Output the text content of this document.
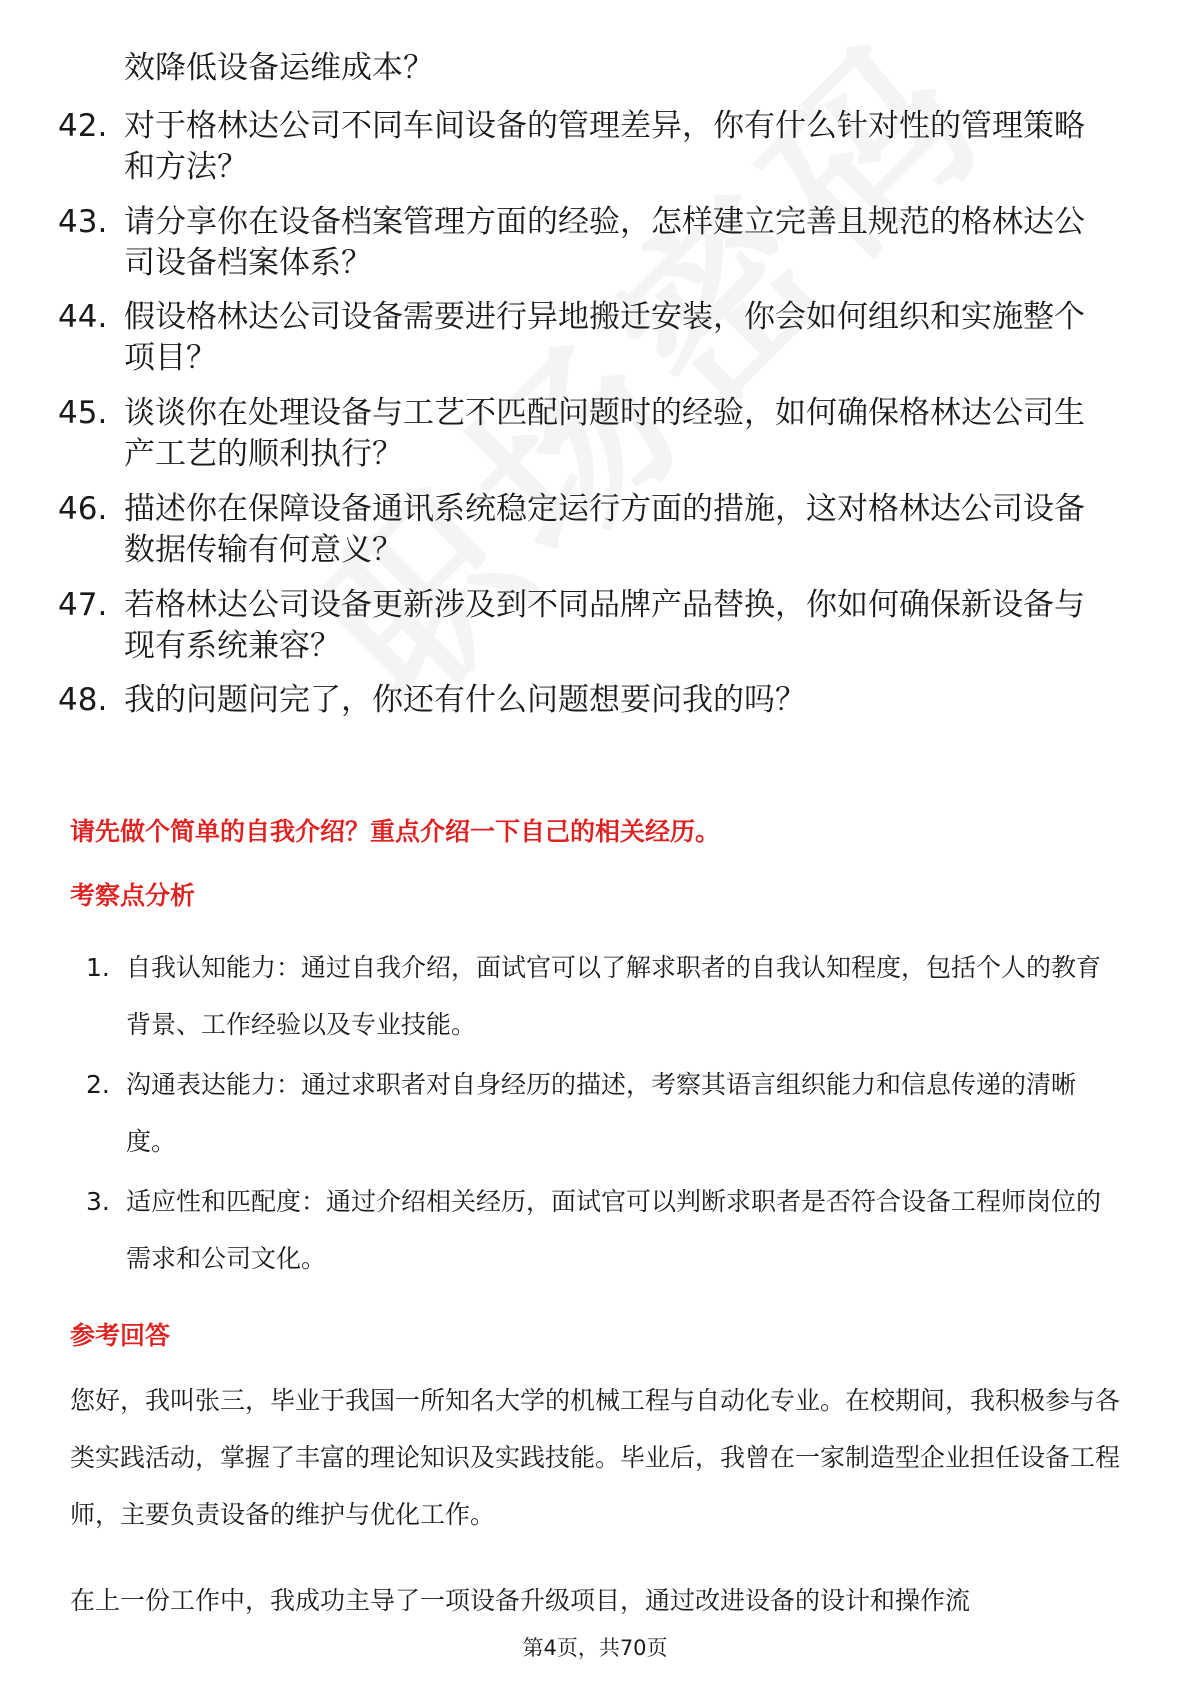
效降低设备运维成本？
42. 对于格林达公司不同车间设备的管理差异，你有什么针对性的管理策略和方法？
43. 请分享你在设备档案管理方面的经验，怎样建立完善且规范的格林达公司设备档案体系？
44. 假设格林达公司设备需要进行异地搬迁安装，你会如何组织和实施整个项目？
45. 谈谈你在处理设备与工艺不匹配问题时的经验，如何确保格林达公司生产工艺的顺利执行？
46. 描述你在保障设备通讯系统稳定运行方面的措施，这对格林达公司设备数据传输有何意义？
47. 若格林达公司设备更新涉及到不同品牌产品替换，你如何确保新设备与现有系统兼容？
48. 我的问题问完了，你还有什么问题想要问我的吗？
请先做个简单的自我介绍？重点介绍一下自己的相关经历。
考察点分析
1. 自我认知能力：通过自我介绍，面试官可以了解求职者的自我认知程度，包括个人的教育背景、工作经验以及专业技能。
2. 沟通表达能力：通过求职者对自身经历的描述，考察其语言组织能力和信息传递的清晰度。
3. 适应性和匹配度：通过介绍相关经历，面试官可以判断求职者是否符合设备工程师岗位的需求和公司文化。
参考回答
您好，我叫张三，毕业于我国一所知名大学的机械工程与自动化专业。在校期间，我积极参与各类实践活动，掌握了丰富的理论知识及实践技能。毕业后，我曾在一家制造型企业担任设备工程师，主要负责设备的维护与优化工作。
在上一份工作中，我成功主导了一项设备升级项目，通过改进设备的设计和操作流
第4页，共70页
